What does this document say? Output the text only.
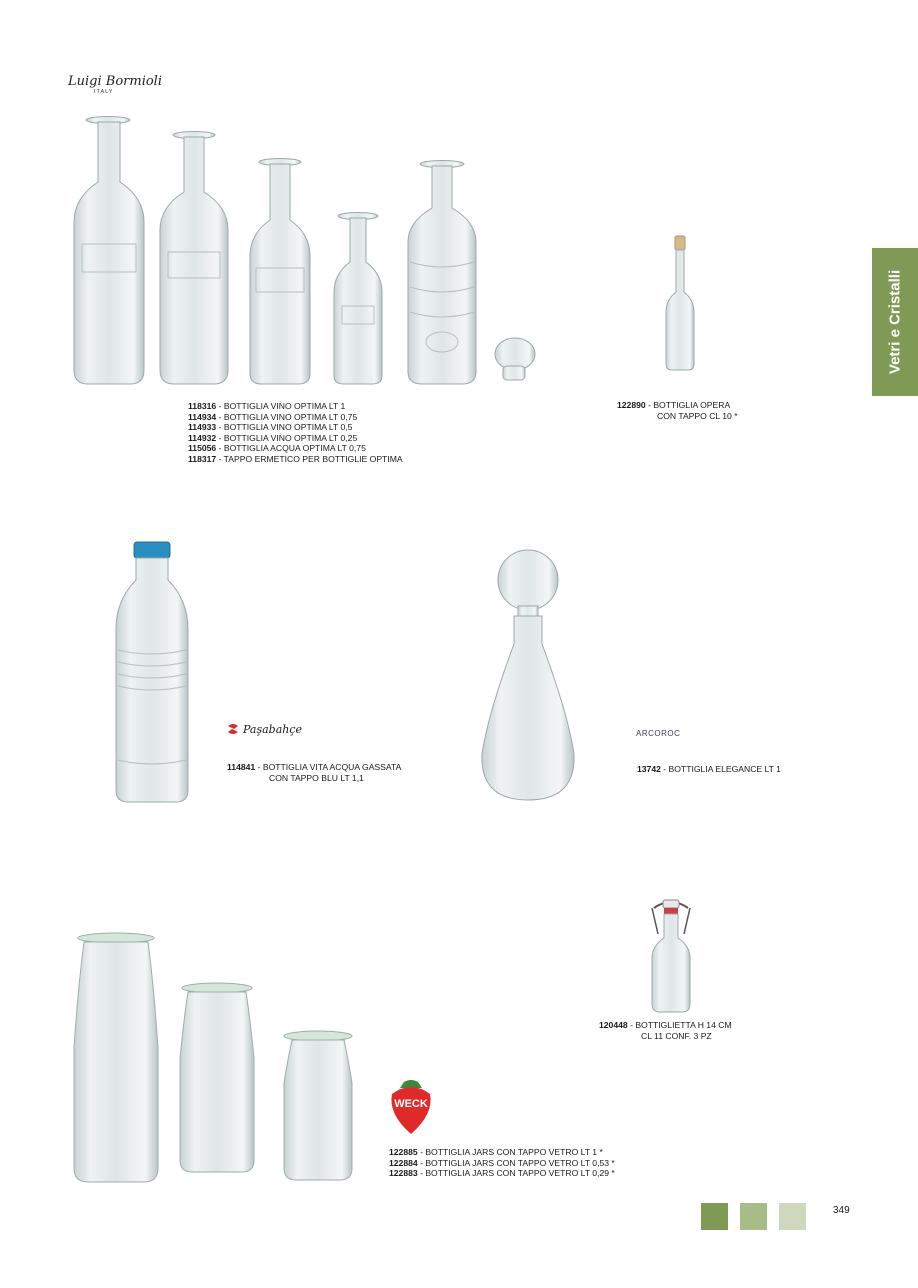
Luigi Bormioli
ITALY
118316 - BOTTIGLIA VINO OPTIMA LT 1
114934 - BOTTIGLIA VINO OPTIMA LT 0,75
114933 - BOTTIGLIA VINO OPTIMA LT 0,5
114932 - BOTTIGLIA VINO OPTIMA LT 0,25
115056 - BOTTIGLIA ACQUA OPTIMA LT 0,75
118317 - TAPPO ERMETICO PER BOTTIGLIE OPTIMA
122890 - BOTTIGLIA OPERA
CON TAPPO CL 10 *
Vetri e Cristalli
Paşabahçe
114841 - BOTTIGLIA VITA ACQUA GASSATA
CON TAPPO BLU LT 1,1
ARCOROC
13742 - BOTTIGLIA ELEGANCE LT 1
120448 - BOTTIGLIETTA H 14 CM
CL 11 CONF. 3 PZ
WECK
122885 - BOTTIGLIA JARS CON TAPPO VETRO LT 1 *
122884 - BOTTIGLIA JARS CON TAPPO VETRO LT 0,53 *
122883 - BOTTIGLIA JARS CON TAPPO VETRO LT 0,29 *
349
